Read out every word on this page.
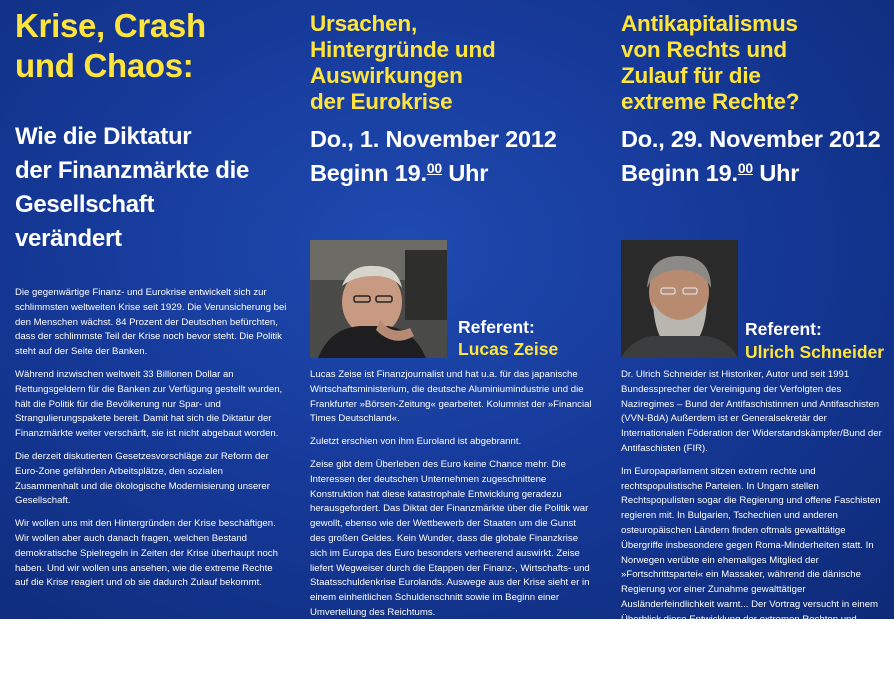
Krise, Crash
und Chaos:
Wie die Diktatur
der Finanzmärkte die
Gesellschaft
verändert

Die gegenwärtige Finanz- und Eurokrise entwickelt sich zur schlimmsten weltweiten Krise seit 1929. Die Verunsicherung bei den Menschen wächst. 84 Prozent der Deutschen befürchten, dass der schlimmste Teil der Krise noch bevor steht. Die Politik steht auf der Seite der Banken.

Während inzwischen weltweit 33 Billionen Dollar an Rettungsgeldern für die Banken zur Verfügung gestellt wurden, hält die Politik für die Bevölkerung nur Spar- und Strangulierungspakete bereit. Damit hat sich die Diktatur der Finanzmärkte weiter verschärft, sie ist nicht abgebaut worden.

Die derzeit diskutierten Gesetzesvorschläge zur Reform der Euro-Zone gefährden Arbeitsplätze, den sozialen Zusammenhalt und die ökologische Modernisierung unserer Gesellschaft.

Wir wollen uns mit den Hintergründen der Krise beschäftigen. Wir wollen aber auch danach fragen, welchen Bestand demokratische Spielregeln in Zeiten der Krise überhaupt noch haben. Und wir wollen uns ansehen, wie die extreme Rechte auf die Krise reagiert und ob sie dadurch Zulauf bekommt.

Ursachen,
Hintergründe und
Auswirkungen
der Eurokrise
Do., 1. November 2012
Beginn 19.00 Uhr
Referent:
Lucas Zeise

Lucas Zeise ist Finanzjournalist und hat u.a. für das japanische Wirtschaftsministerium, die deutsche Aluminiumindustrie und die Frankfurter »Börsen-Zeitung« gearbeitet. Kolumnist der »Financial Times Deutschland«.

Zuletzt erschien von ihm Euroland ist abgebrannt.

Zeise gibt dem Überleben des Euro keine Chance mehr. Die Interessen der deutschen Unternehmen zugeschnittene Konstruktion hat diese katastrophale Entwicklung geradezu herausgefordert. Das Diktat der Finanzmärkte über die Politik war gewollt, ebenso wie der Wettbewerb der Staaten um die Gunst des großen Geldes. Kein Wunder, dass die globale Finanzkrise sich im Europa des Euro besonders verheerend auswirkt. Zeise liefert Wegweiser durch die Etappen der Finanz-, Wirtschafts- und Staatsschuldenkrise Eurolands. Auswege aus der Krise sieht er in einem einheitlichen Schuldenschnitt sowie im Beginn einer Umverteilung des Reichtums.

Antikapitalismus
von Rechts und
Zulauf für die
extreme Rechte?
Do., 29. November 2012
Beginn 19.00 Uhr
Referent:
Ulrich Schneider

Dr. Ulrich Schneider ist Historiker, Autor und seit 1991 Bundessprecher der Vereinigung der Verfolgten des Naziregimes – Bund der Antifaschistinnen und Antifaschisten (VVN-BdA) Außerdem ist er Generalsekretär der Internationalen Föderation der Widerstandskämpfer/Bund der Antifaschisten (FIR).

Im Europaparlament sitzen extrem rechte und rechtspopulistische Parteien. In Ungarn stellen Rechtspopulisten sogar die Regierung und offene Faschisten regieren mit. In Bulgarien, Tschechien und anderen osteuropäischen Ländern finden oftmals gewalttätige Übergriffe insbesondere gegen Roma-Minderheiten statt. In Norwegen verübte ein ehemaliges Mitglied der »Fortschrittspartei« ein Massaker, während die dänische Regierung vor einer Zunahme gewalttätiger Ausländerfeindlichkeit warnt... Der Vortrag versucht in einem Überblick diese Entwicklung der extremen Rechten und rechtspopulistischer Kräfte Deutschland und Europa nachzuzeichnen und Gegenstrategien und Gegenkräfte zu benennen.
